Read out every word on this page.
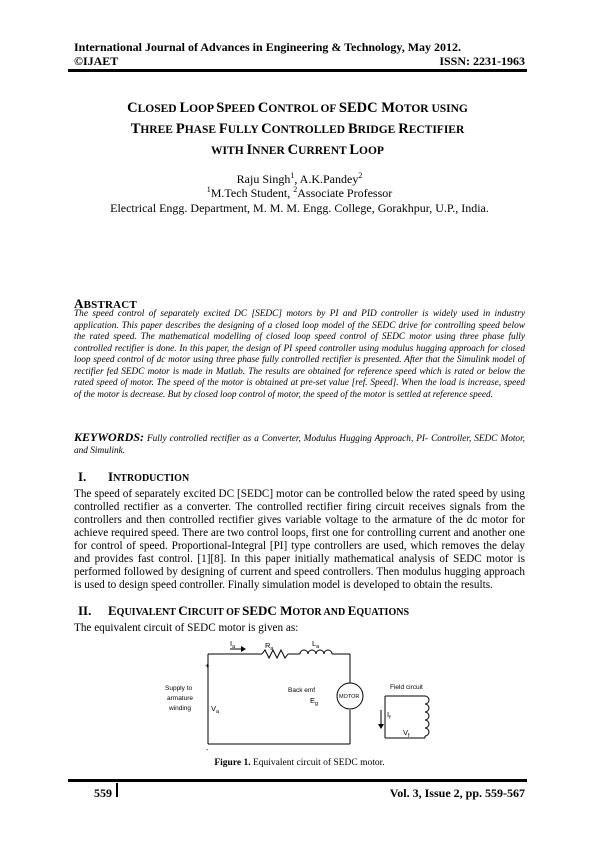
International Journal of Advances in Engineering & Technology, May 2012.
©IJAET	ISSN: 2231-1963
CLOSED LOOP SPEED CONTROL OF SEDC MOTOR USING
THREE PHASE FULLY CONTROLLED BRIDGE RECTIFIER
WITH INNER CURRENT LOOP
Raju Singh$^1$, A.K.Pandey$^2$
$^1$M.Tech Student, $^2$Associate Professor
Electrical Engg. Department, M. M. M. Engg. College, Gorakhpur, U.P., India.
ABSTRACT
The speed control of separately excited DC [SEDC] motors by PI and PID controller is widely used in industry application. This paper describes the designing of a closed loop model of the SEDC drive for controlling speed below the rated speed. The mathematical modelling of closed loop speed control of SEDC motor using three phase fully controlled rectifier is done. In this paper, the design of PI speed controller using modulus hugging approach for closed loop speed control of dc motor using three phase fully controlled rectifier is presented. After that the Simulink model of rectifier fed SEDC motor is made in Matlab. The results are obtained for reference speed which is rated or below the rated speed of motor. The speed of the motor is obtained at pre-set value [ref. Speed]. When the load is increase, speed of the motor is decrease. But by closed loop control of motor, the speed of the motor is settled at reference speed.
KEYWORDS: Fully controlled rectifier as a Converter, Modulus Hugging Approach, PI- Controller, SEDC Motor, and Simulink.
I. INTRODUCTION
The speed of separately excited DC [SEDC] motor can be controlled below the rated speed by using controlled rectifier as a converter. The controlled rectifier firing circuit receives signals from the controllers and then controlled rectifier gives variable voltage to the armature of the dc motor for achieve required speed. There are two control loops, first one for controlling current and another one for control of speed. Proportional-Integral [PI] type controllers are used, which removes the delay and provides fast control. [1][8]. In this paper initially mathematical analysis of SEDC motor is performed followed by designing of current and speed controllers. Then modulus hugging approach is used to design speed controller. Finally simulation model is developed to obtain the results.
II. EQUIVALENT CIRCUIT OF SEDC MOTOR AND EQUATIONS
The equivalent circuit of SEDC motor is given as:
$I_a$	$R_a$
$L_a$
+
-
Supply to
armature
winding	$V_a$
Back emf
$E_g$
MOTOR
Field circuit
$I_f$
$V_f$
Figure 1. Equivalent circuit of SEDC motor.
559	Vol. 3, Issue 2, pp. 559-567
